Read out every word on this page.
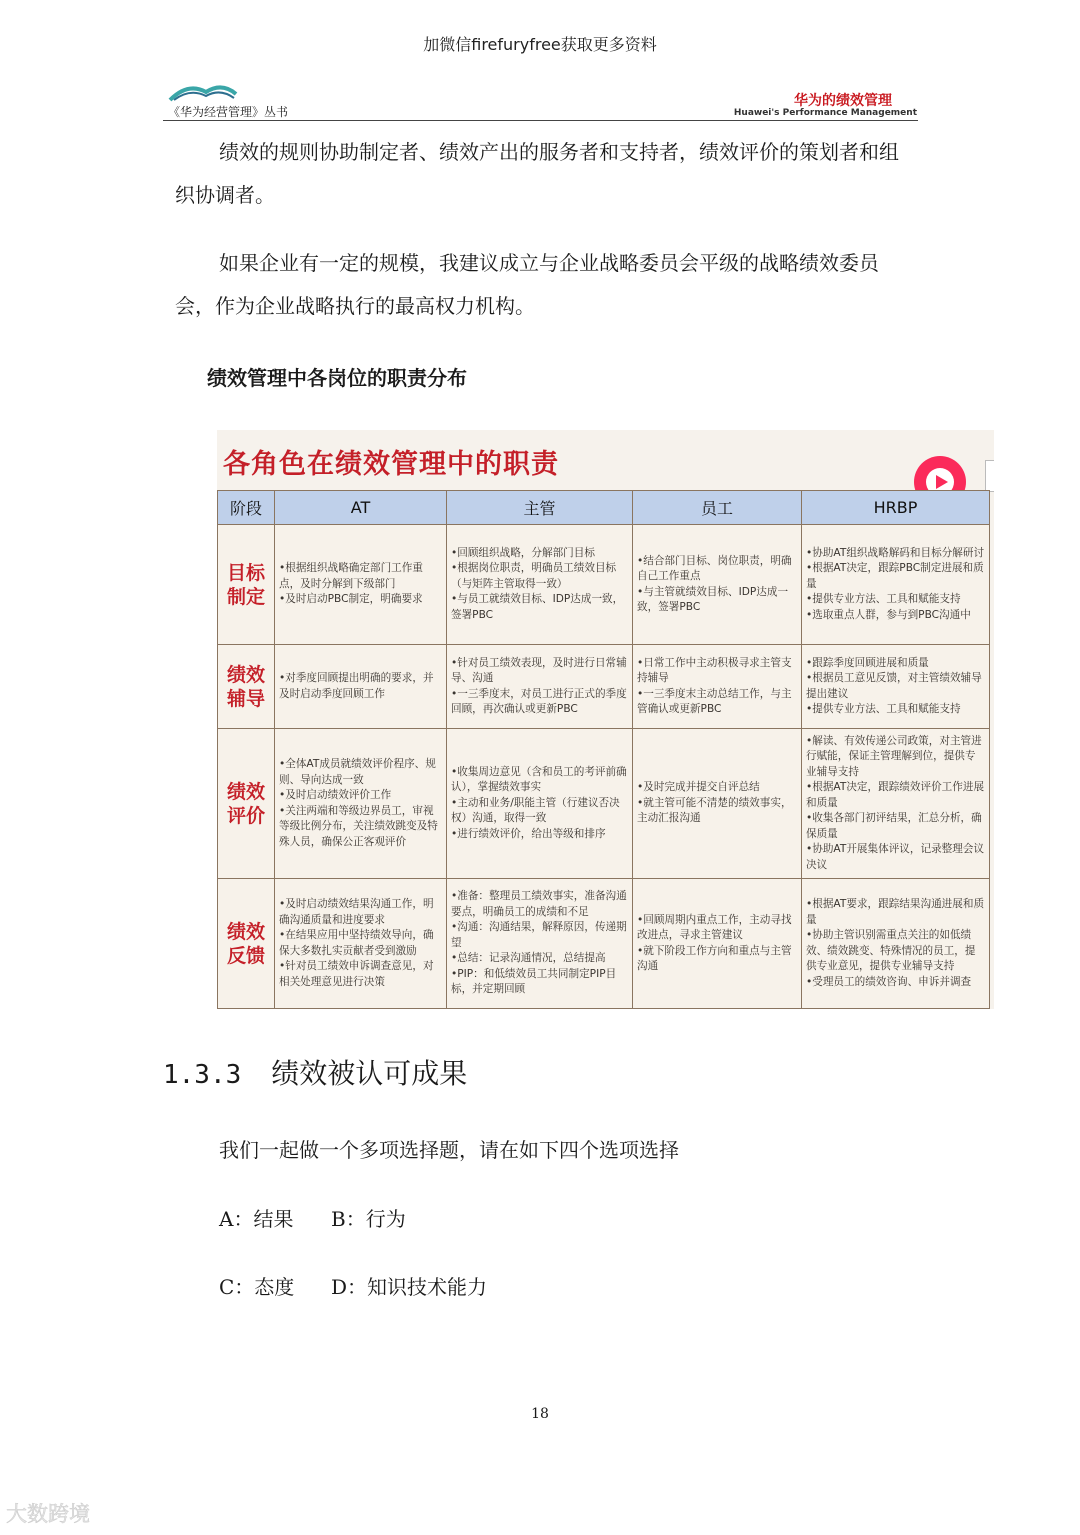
加微信firefuryfree获取更多资料
《华为经营管理》丛书
华为的绩效管理
Huawei's Performance Management
绩效的规则协助制定者、绩效产出的服务者和支持者，绩效评价的策划者和组织协调者。
如果企业有一定的规模，我建议成立与企业战略委员会平级的战略绩效委员会，作为企业战略执行的最高权力机构。
绩效管理中各岗位的职责分布
各角色在绩效管理中的职责
阶段	AT	主管	员工	HRBP

目标制定	•根据组织战略确定部门工作重点，及时分解到下级部门
•及时启动PBC制定，明确要求	•回顾组织战略，分解部门目标
•根据岗位职责，明确员工绩效目标（与矩阵主管取得一致）
•与员工就绩效目标、IDP达成一致，签署PBC	•结合部门目标、岗位职责，明确自己工作重点
•与主管就绩效目标、IDP达成一致，签署PBC	•协助AT组织战略解码和目标分解研讨
•根据AT决定，跟踪PBC制定进展和质量
•提供专业方法、工具和赋能支持
•选取重点人群，参与到PBC沟通中

绩效辅导	•对季度回顾提出明确的要求，并及时启动季度回顾工作	•针对员工绩效表现，及时进行日常辅导、沟通
•一三季度末，对员工进行正式的季度回顾，再次确认或更新PBC	•日常工作中主动积极寻求主管支持辅导
•一三季度末主动总结工作，与主管确认或更新PBC	•跟踪季度回顾进展和质量
•根据员工意见反馈，对主管绩效辅导提出建议
•提供专业方法、工具和赋能支持

绩效评价	•全体AT成员就绩效评价程序、规则、导向达成一致
•及时启动绩效评价工作
•关注两端和等级边界员工，审视等级比例分布，关注绩效跳变及特殊人员，确保公正客观评价	•收集周边意见（含和员工的考评前确认），掌握绩效事实
•主动和业务/职能主管（行建议否决权）沟通，取得一致
•进行绩效评价，给出等级和排序	•及时完成并提交自评总结
•就主管可能不清楚的绩效事实，主动汇报沟通	•解读、有效传递公司政策，对主管进行赋能，保证主管理解到位，提供专业辅导支持
•根据AT决定，跟踪绩效评价工作进展和质量
•收集各部门初评结果，汇总分析，确保质量
•协助AT开展集体评议，记录整理会议决议

绩效反馈	•及时启动绩效结果沟通工作，明确沟通质量和进度要求
•在结果应用中坚持绩效导向，确保大多数扎实贡献者受到激励
•针对员工绩效申诉调查意见，对相关处理意见进行决策	•准备：整理员工绩效事实，准备沟通要点，明确员工的成绩和不足
•沟通：沟通结果，解释原因，传递期望
•总结：记录沟通情况，总结提高
•PIP：和低绩效员工共同制定PIP目标，并定期回顾	•回顾周期内重点工作，主动寻找改进点，寻求主管建议
•就下阶段工作方向和重点与主管沟通	•根据AT要求，跟踪结果沟通进展和质量
•协助主管识别需重点关注的如低绩效、绩效跳变、特殊情况的员工，提供专业意见，提供专业辅导支持
•受理员工的绩效咨询、申诉并调查
1.3.3 绩效被认可成果
我们一起做一个多项选择题，请在如下四个选项选择
A：结果 B：行为
C：态度 D：知识技术能力
18
大数跨境
